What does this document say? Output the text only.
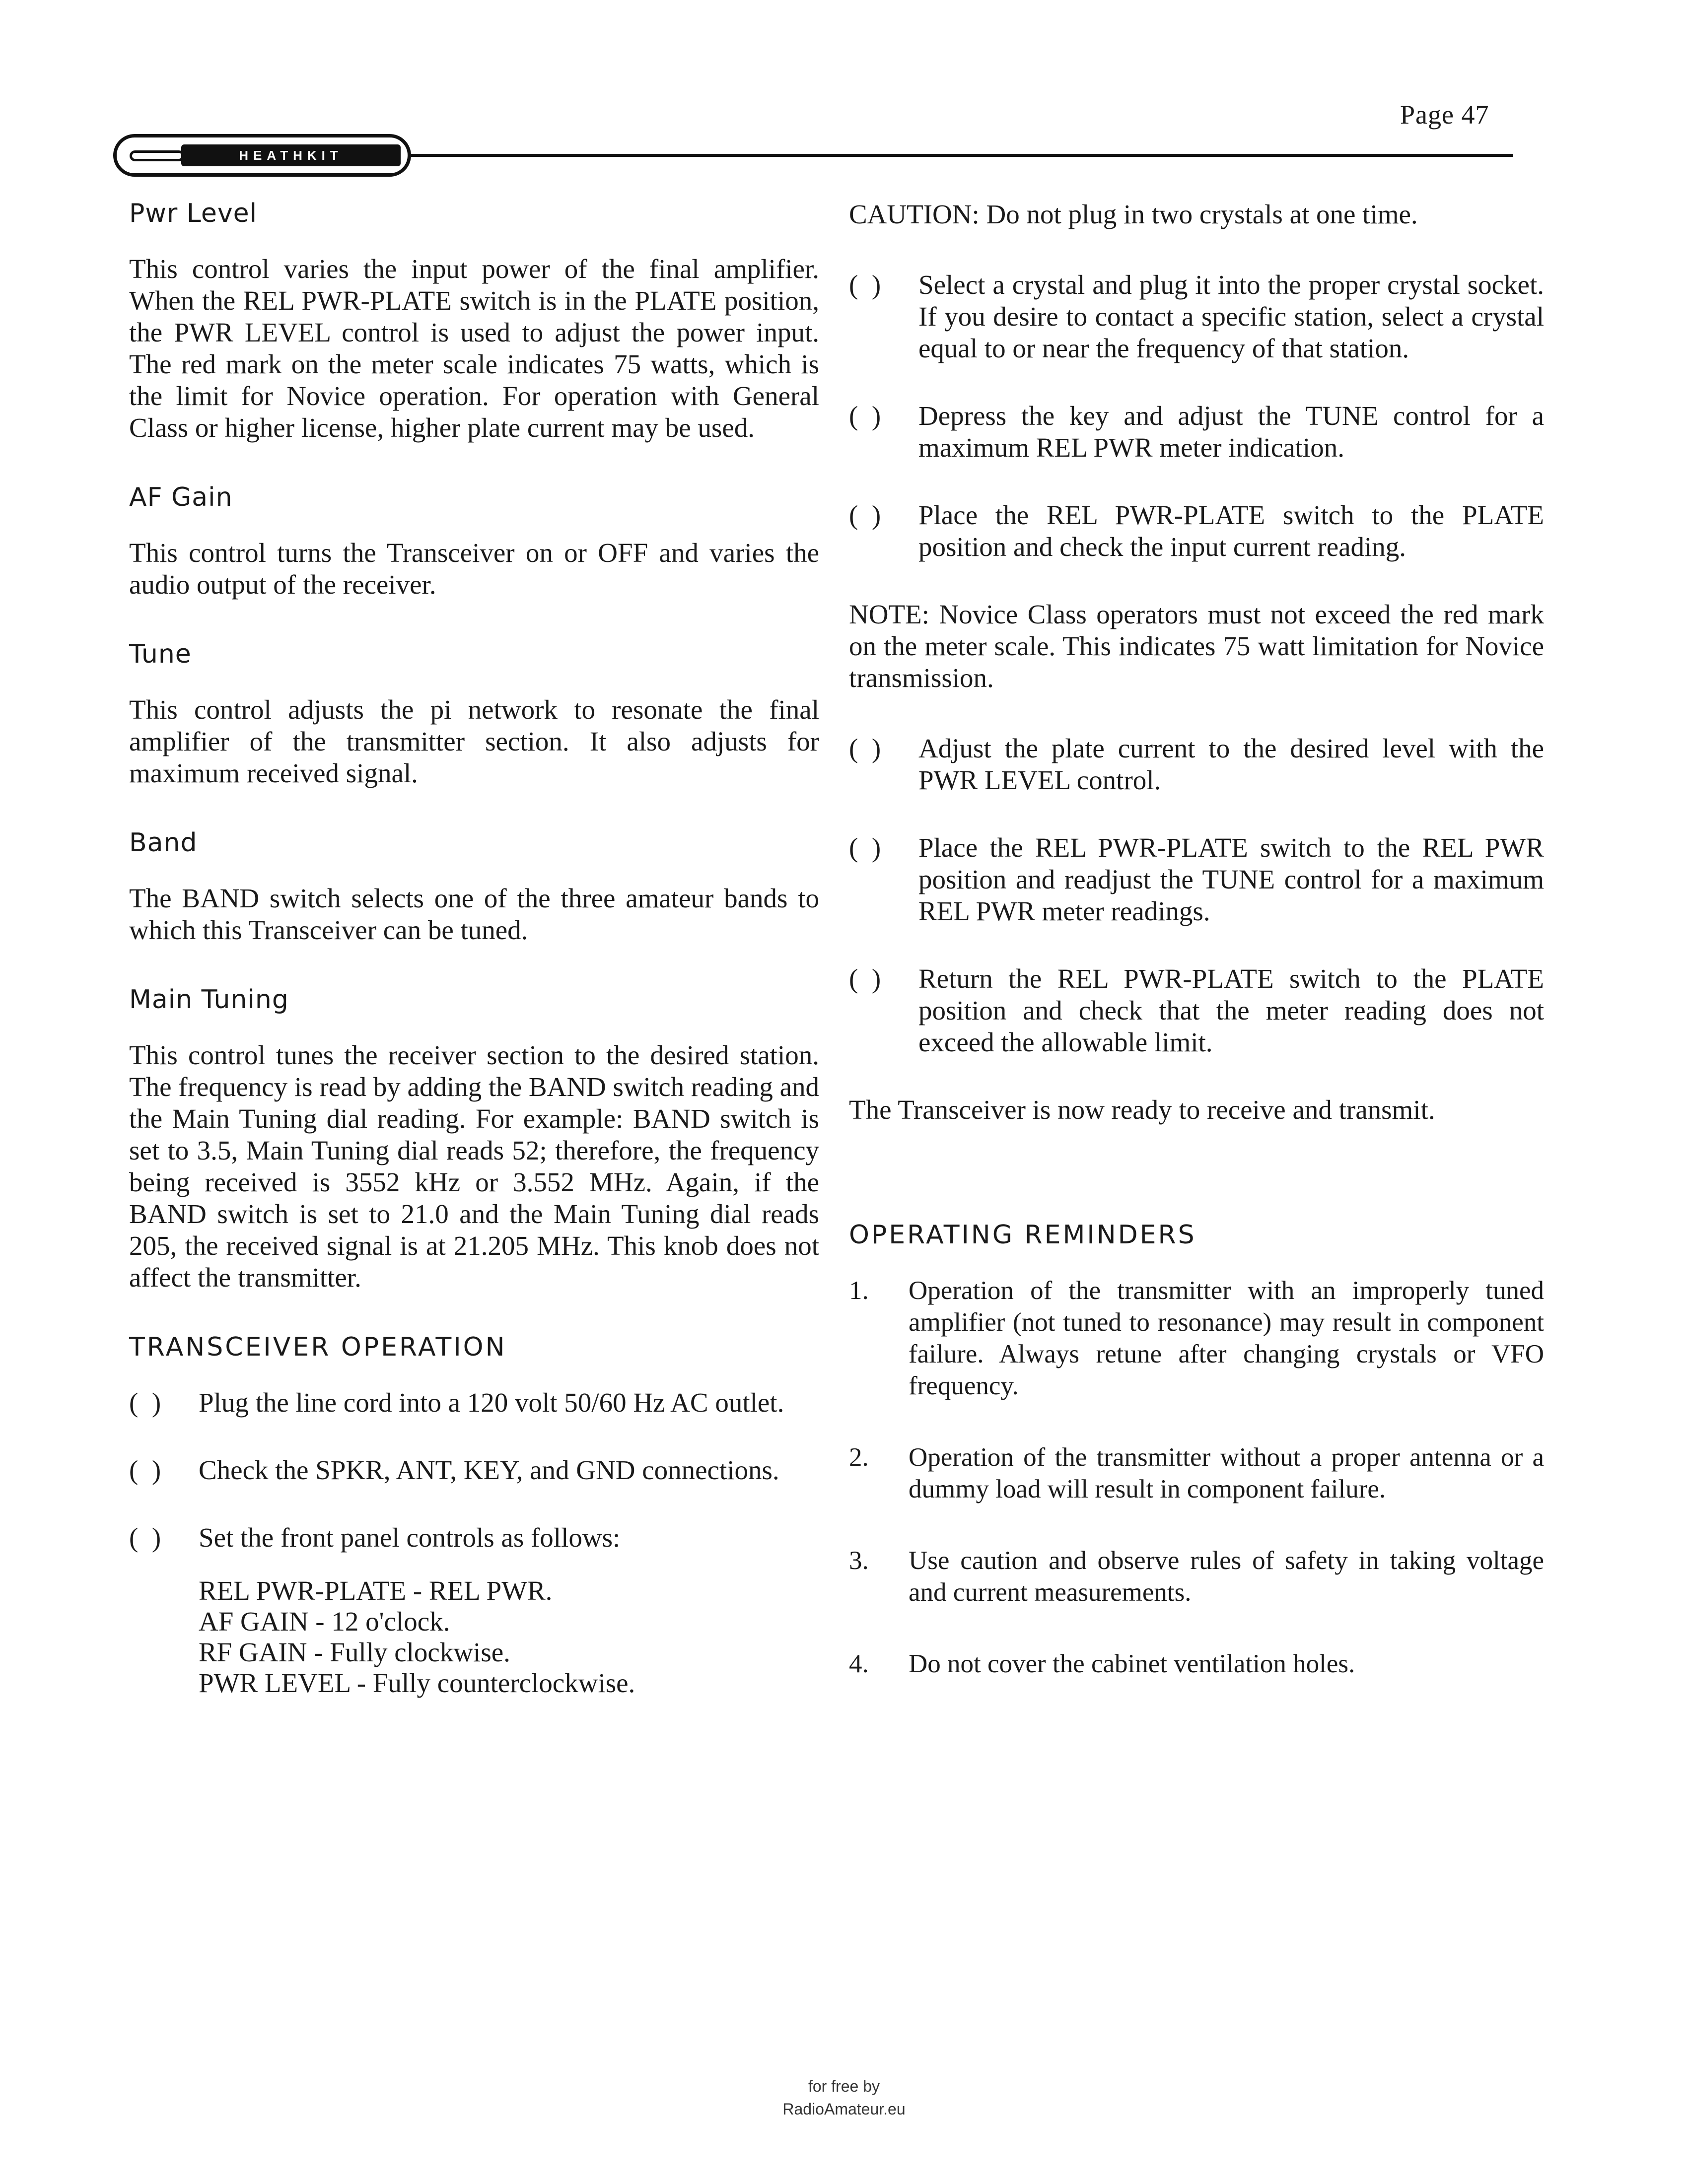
Page 47
HEATHKIT
Pwr Level

This control varies the input power of the final amplifier. When the REL PWR-PLATE switch is in the PLATE position, the PWR LEVEL control is used to adjust the power input. The red mark on the meter scale indicates 75 watts, which is the limit for Novice operation. For operation with General Class or higher license, higher plate current may be used.

AF Gain

This control turns the Transceiver on or OFF and varies the audio output of the receiver.

Tune

This control adjusts the pi network to resonate the final amplifier of the transmitter section. It also adjusts for maximum received signal.

Band

The BAND switch selects one of the three amateur bands to which this Transceiver can be tuned.

Main Tuning

This control tunes the receiver section to the desired station. The frequency is read by adding the BAND switch reading and the Main Tuning dial reading. For example: BAND switch is set to 3.5, Main Tuning dial reads 52; therefore, the frequency being received is 3552 kHz or 3.552 MHz. Again, if the BAND switch is set to 21.0 and the Main Tuning dial reads 205, the received signal is at 21.205 MHz. This knob does not affect the transmitter.

TRANSCEIVER OPERATION
(  )	Plug the line cord into a 120 volt 50/60 Hz AC outlet.
(  )	Check the SPKR, ANT, KEY, and GND connections.
(  )	Set the front panel controls as follows:
REL PWR-PLATE - REL PWR.
AF GAIN - 12 o'clock.
RF GAIN - Fully clockwise.
PWR LEVEL - Fully counterclockwise.

CAUTION: Do not plug in two crystals at one time.

(  )	Select a crystal and plug it into the proper crystal socket. If you desire to contact a specific station, select a crystal equal to or near the frequency of that station.
(  )	Depress the key and adjust the TUNE control for a maximum REL PWR meter indication.
(  )	Place the REL PWR-PLATE switch to the PLATE position and check the input current reading.

NOTE: Novice Class operators must not exceed the red mark on the meter scale. This indicates 75 watt limitation for Novice transmission.

(  )	Adjust the plate current to the desired level with the PWR LEVEL control.
(  )	Place the REL PWR-PLATE switch to the REL PWR position and readjust the TUNE control for a maximum REL PWR meter readings.
(  )	Return the REL PWR-PLATE switch to the PLATE position and check that the meter reading does not exceed the allowable limit.

The Transceiver is now ready to receive and transmit.

OPERATING REMINDERS
1.	Operation of the transmitter with an improperly tuned amplifier (not tuned to resonance) may result in component failure. Always retune after changing crystals or VFO frequency.
2.	Operation of the transmitter without a proper antenna or a dummy load will result in component failure.
3.	Use caution and observe rules of safety in taking voltage and current measurements.
4.	Do not cover the cabinet ventilation holes.
for free by
RadioAmateur.eu
